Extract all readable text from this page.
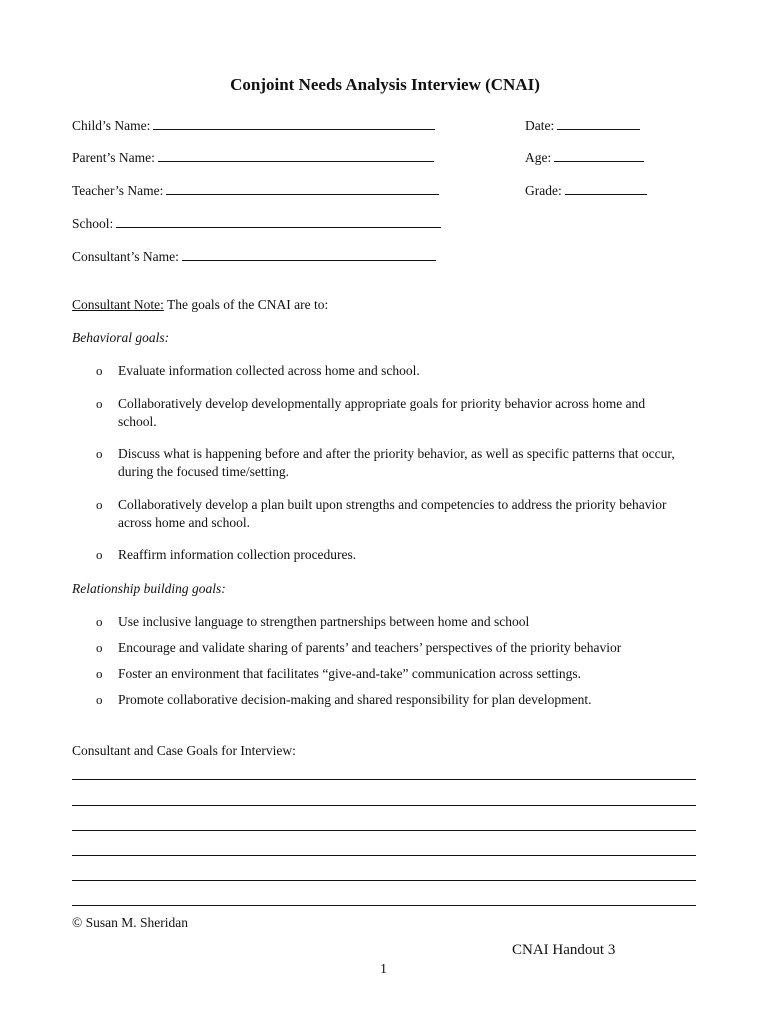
Conjoint Needs Analysis Interview (CNAI)
Child’s Name:
Parent’s Name:
Teacher’s Name:
School:
Consultant’s Name:
Date:
Age:
Grade:
Consultant Note: The goals of the CNAI are to:
Behavioral goals:
o Evaluate information collected across home and school.
o Collaboratively develop developmentally appropriate goals for priority behavior across home and school.
o Discuss what is happening before and after the priority behavior, as well as specific patterns that occur, during the focused time/setting.
o Collaboratively develop a plan built upon strengths and competencies to address the priority behavior across home and school.
o Reaffirm information collection procedures.
Relationship building goals:
o Use inclusive language to strengthen partnerships between home and school
o Encourage and validate sharing of parents’ and teachers’ perspectives of the priority behavior
o Foster an environment that facilitates “give-and-take” communication across settings.
o Promote collaborative decision-making and shared responsibility for plan development.
Consultant and Case Goals for Interview:
© Susan M. Sheridan
CNAI Handout 3
1
